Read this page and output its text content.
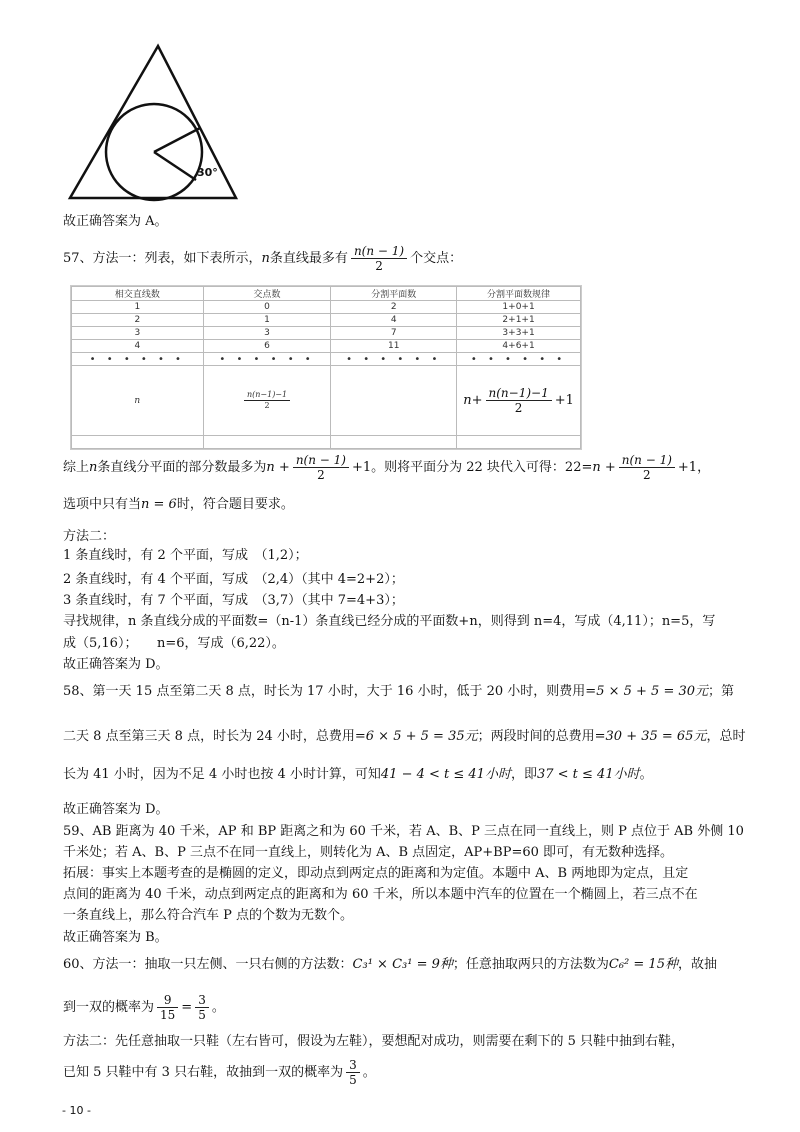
30°
故正确答案为 A。
57、方法一：列表，如下表所示，n条直线最多有 $\frac{n(n - 1)}{2}$ 个交点：
相交直线数	交点数	分割平面数	分割平面数规律
1	0	2	1+0+1
2	1	4	2+1+1
3	3	7	3+3+1
4	6	11	4+6+1
• • • • • •	• • • • • •	• • • • • •	• • • • • •
n	$\frac{n(n-1)-1}{2}$		$n+ \frac{n(n-1)-1}{2} +1$

综上n条直线分平面的部分数最多为$n + \frac{n(n - 1)}{2} +1$。则将平面分为 22 块代入可得：$22=n + \frac{n(n - 1)}{2} +1$，
选项中只有当n = 6时，符合题目要求。
方法二：
1 条直线时，有 2 个平面，写成　（1,2）；
2 条直线时，有 4 个平面，写成　（2,4）（其中 4=2+2）；
3 条直线时，有 7 个平面，写成　（3,7）（其中 7=4+3）；
寻找规律，n 条直线分成的平面数=（n-1）条直线已经分成的平面数+n，则得到 n=4，写成（4,11）；n=5，写
成（5,16）；　　n=6，写成（6,22）。
故正确答案为 D。
58、第一天 15 点至第二天 8 点，时长为 17 小时，大于 16 小时，低于 20 小时，则费用=5 × 5 + 5 = 30元；第
二天 8 点至第三天 8 点，时长为 24 小时，总费用=6 × 5 + 5 = 35元；两段时间的总费用=30 + 35 = 65元，总时
长为 41 小时，因为不足 4 小时也按 4 小时计算，可知41 − 4 < t ≤ 41小时，即37 < t ≤ 41小时。
故正确答案为 D。
59、AB 距离为 40 千米，AP 和 BP 距离之和为 60 千米，若 A、B、P 三点在同一直线上，则 P 点位于 AB 外侧 10
千米处；若 A、B、P 三点不在同一直线上，则转化为 A、B 点固定，AP+BP=60 即可，有无数种选择。
拓展：事实上本题考查的是椭圆的定义，即动点到两定点的距离和为定值。本题中 A、B 两地即为定点，且定
点间的距离为 40 千米，动点到两定点的距离和为 60 千米，所以本题中汽车的位置在一个椭圆上，若三点不在
一条直线上，那么符合汽车 P 点的个数为无数个。
故正确答案为 B。
60、方法一：抽取一只左侧、一只右侧的方法数：C₃¹ × C₃¹ = 9种；任意抽取两只的方法数为C₆² = 15种，故抽
到一双的概率为 $\frac{9}{15} = \frac{3}{5}$ 。
方法二：先任意抽取一只鞋（左右皆可，假设为左鞋），要想配对成功，则需要在剩下的 5 只鞋中抽到右鞋，
已知 5 只鞋中有 3 只右鞋，故抽到一双的概率为 $\frac{3}{5}$ 。
- 10 -
